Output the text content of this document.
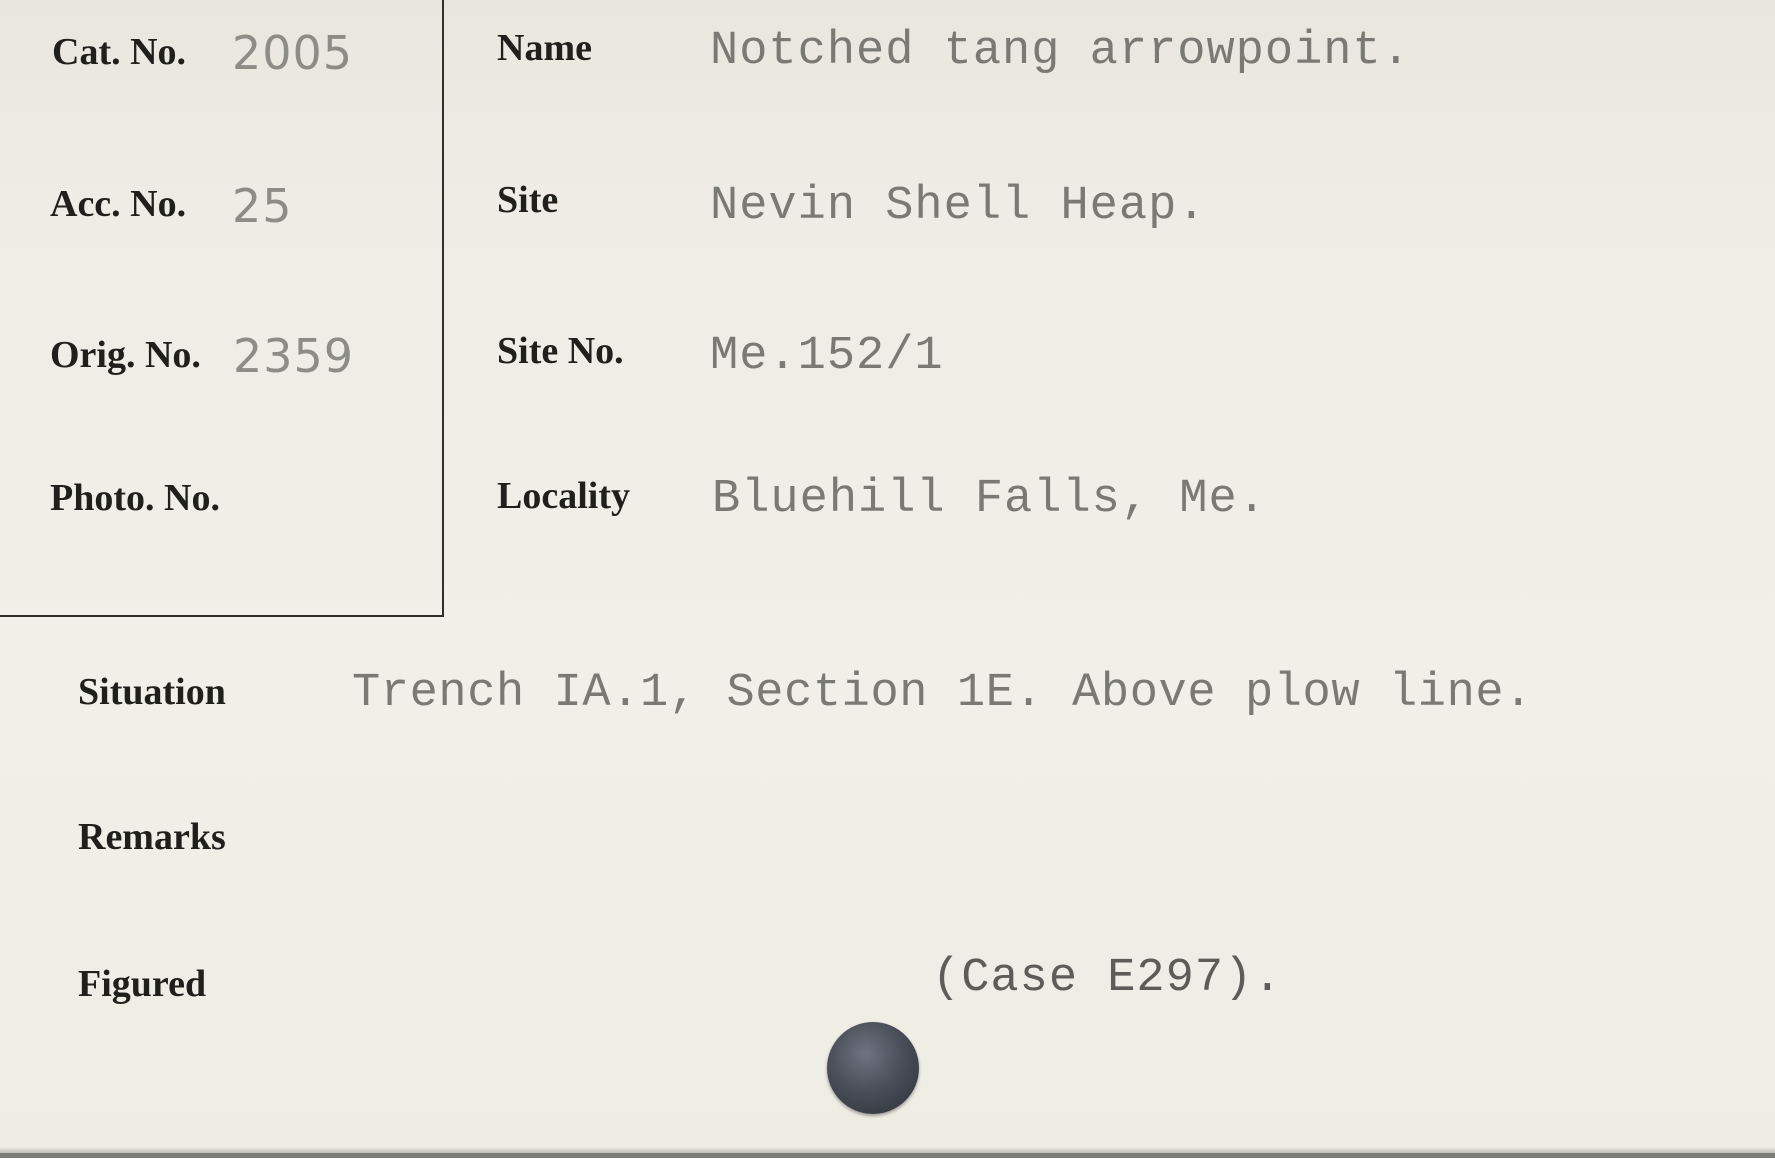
Cat. No. 2005
Acc. No. 25
Orig. No. 2359
Photo. No.
Name	Notched tang arrowpoint.
Site	Nevin Shell Heap.
Site No. Me.152/1
Locality Bluehill Falls, Me.
Situation	Trench IA.1, Section 1E. Above plow line.
Remarks
Figured	(Case E297).
